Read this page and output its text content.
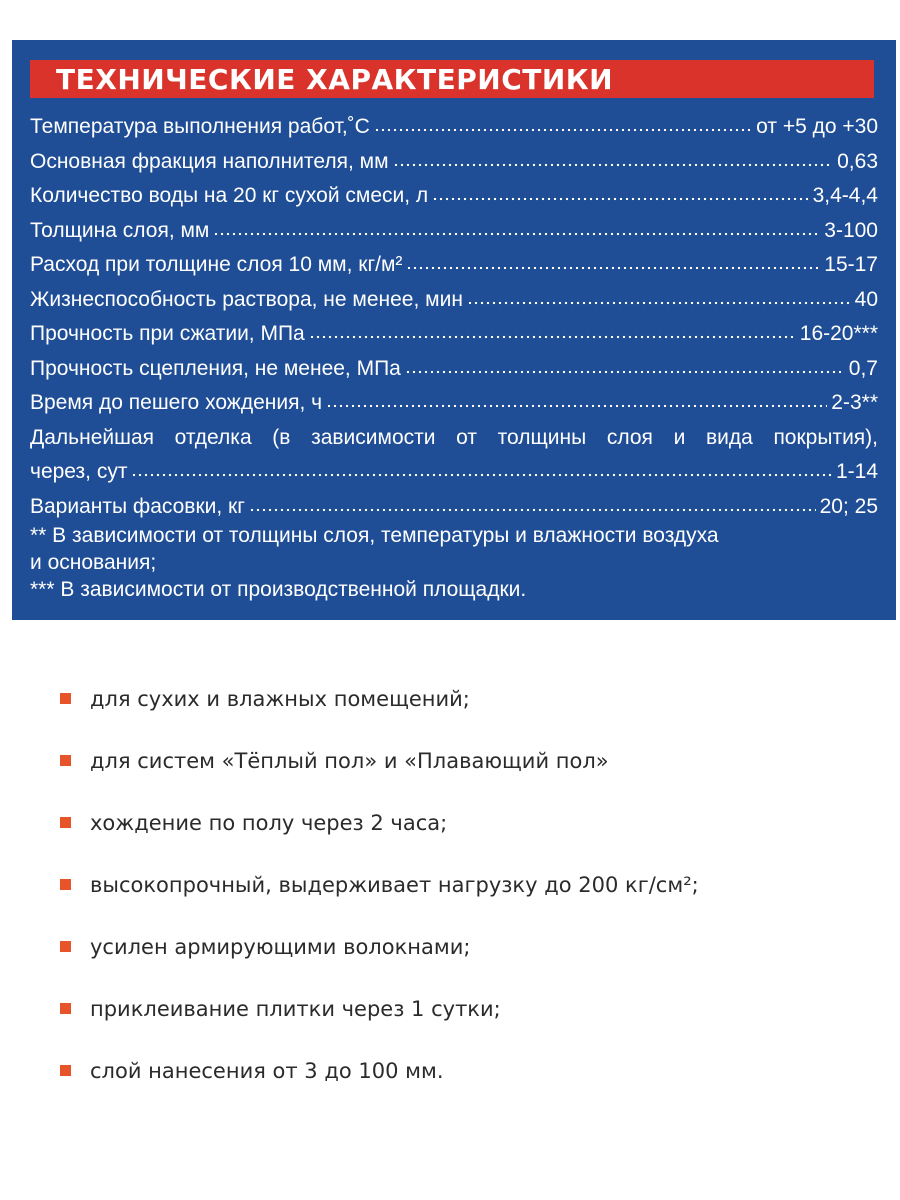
ТЕХНИЧЕСКИЕ ХАРАКТЕРИСТИКИ
Температура выполнения работ,˚С	от +5 до +30
Основная фракция наполнителя, мм	0,63
Количество воды на 20 кг сухой смеси, л	3,4-4,4
Толщина слоя, мм	3-100
Расход при толщине слоя 10 мм, кг/м²	15-17
Жизнеспособность раствора, не менее, мин	40
Прочность при сжатии, МПа	16-20***
Прочность сцепления, не менее, МПа	0,7
Время до пешего хождения, ч	2-3**
Дальнейшая отделка (в зависимости от толщины слоя и вида покрытия),
через, сут	1-14
Варианты фасовки, кг	20; 25
** В зависимости от толщины слоя, температуры и влажности воздуха
и основания;
*** В зависимости от производственной площадки.
для сухих и влажных помещений;
для систем «Тёплый пол» и «Плавающий пол»
хождение по полу через 2 часа;
высокопрочный, выдерживает нагрузку до 200 кг/см²;
усилен армирующими волокнами;
приклеивание плитки через 1 сутки;
слой нанесения от 3 до 100 мм.
